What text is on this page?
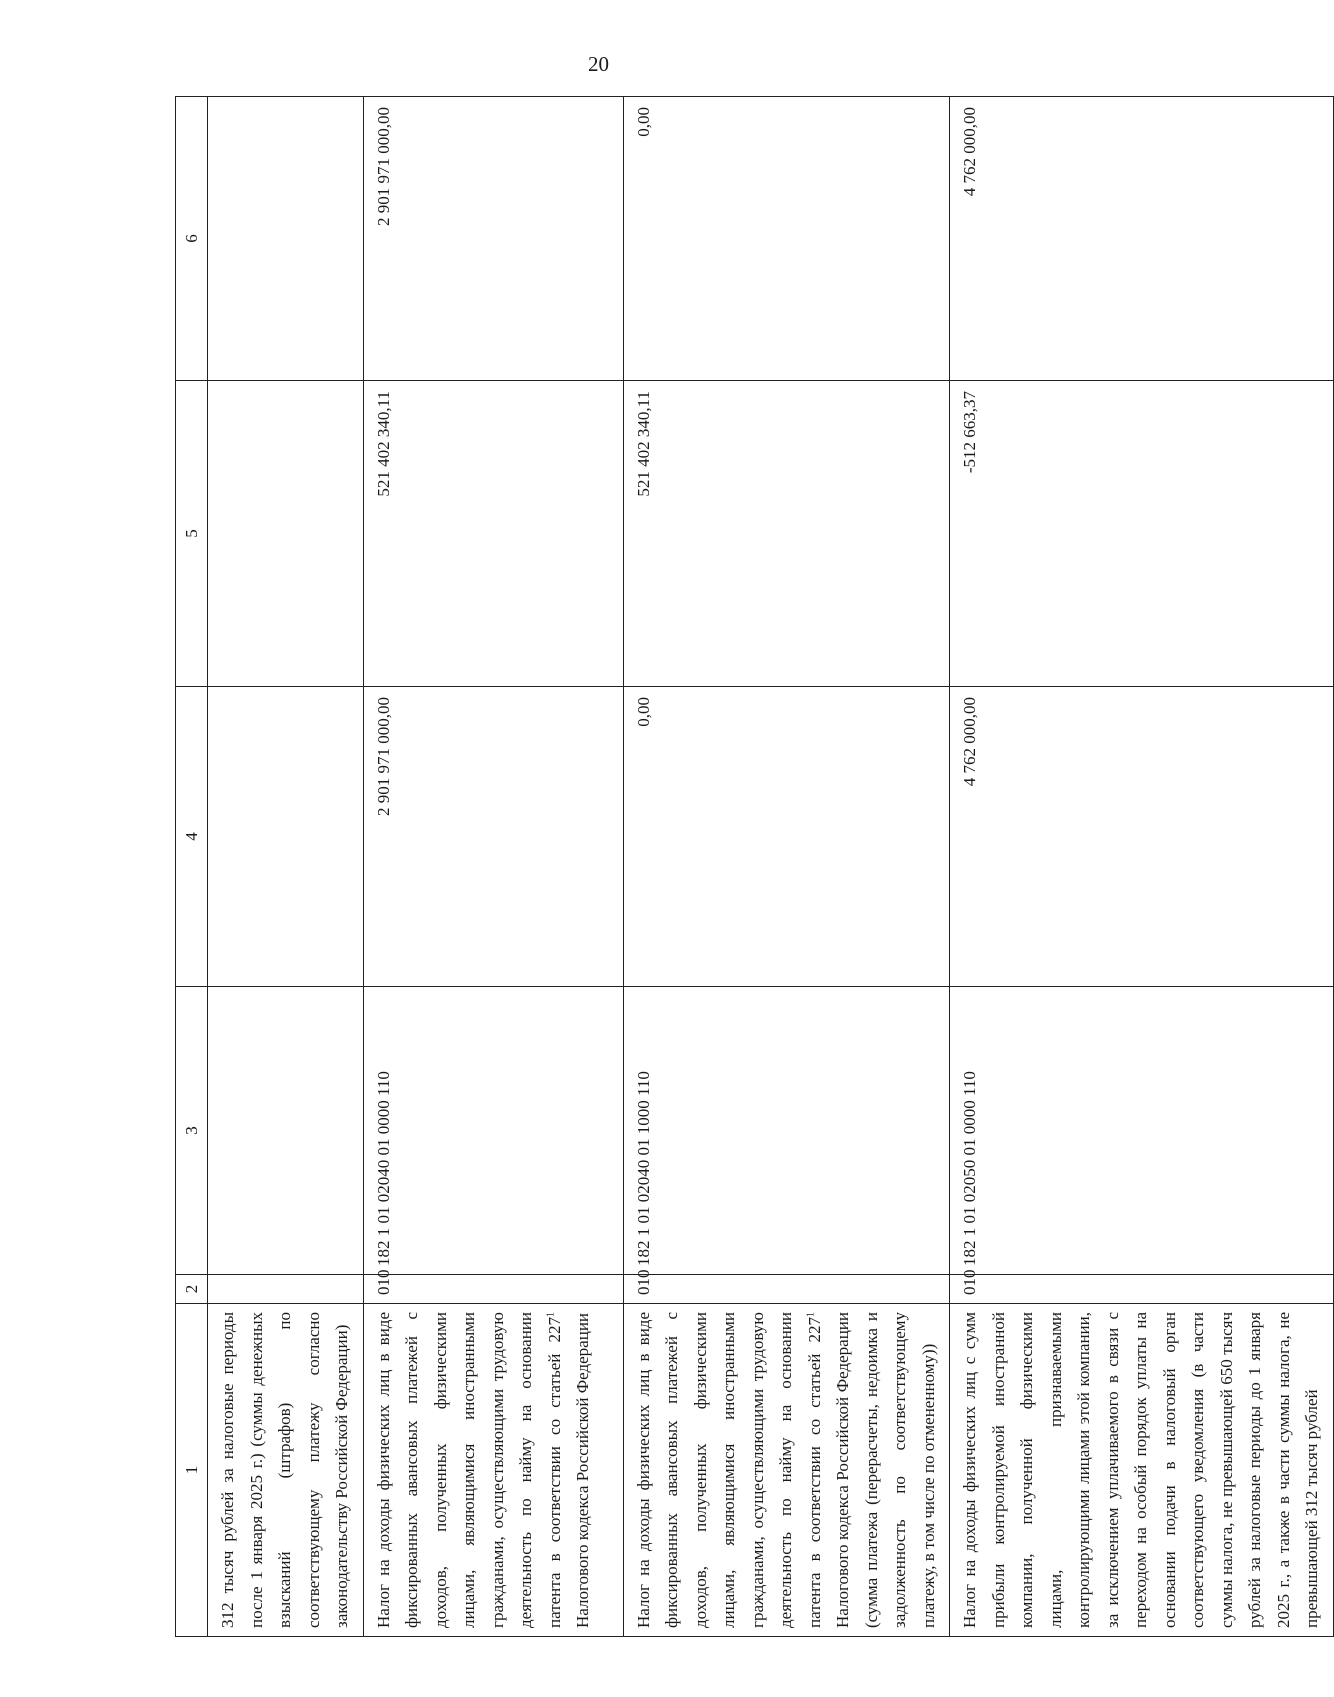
20
1	2	3	4	5	6
312 тысяч рублей за налоговые периоды после 1 января 2025 г.) (суммы денежных взысканий (штрафов) по соответствующему платежу согласно законодательству Российской Федерации)					
Налог на доходы физических лиц в виде фиксированных авансовых платежей с доходов, полученных физическими лицами, являющимися иностранными гражданами, осуществляющими трудовую деятельность по найму на основании патента в соответствии со статьей $227^1$ Налогового кодекса Российской Федерации	010	182 1 01 02040 01 0000 110	2 901 971 000,00	521 402 340,11	2 901 971 000,00
Налог на доходы физических лиц в виде фиксированных авансовых платежей с доходов, полученных физическими лицами, являющимися иностранными гражданами, осуществляющими трудовую деятельность по найму на основании патента в соответствии со статьей $227^1$ Налогового кодекса Российской Федерации (сумма платежа (перерасчеты, недоимка и задолженность по соответствующему платежу, в том числе по отмененному))	010	182 1 01 02040 01 1000 110	0,00	521 402 340,11	0,00
Налог на доходы физических лиц с сумм прибыли контролируемой иностранной компании, полученной физическими лицами, признаваемыми контролирующими лицами этой компании, за исключением уплачиваемого в связи с переходом на особый порядок уплаты на основании подачи в налоговый орган соответствующего уведомления (в части суммы налога, не превышающей 650 тысяч рублей за налоговые периоды до 1 января 2025 г., а также в части суммы налога, не превышающей 312 тысяч рублей	010	182 1 01 02050 01 0000 110	4 762 000,00	-512 663,37	4 762 000,00
